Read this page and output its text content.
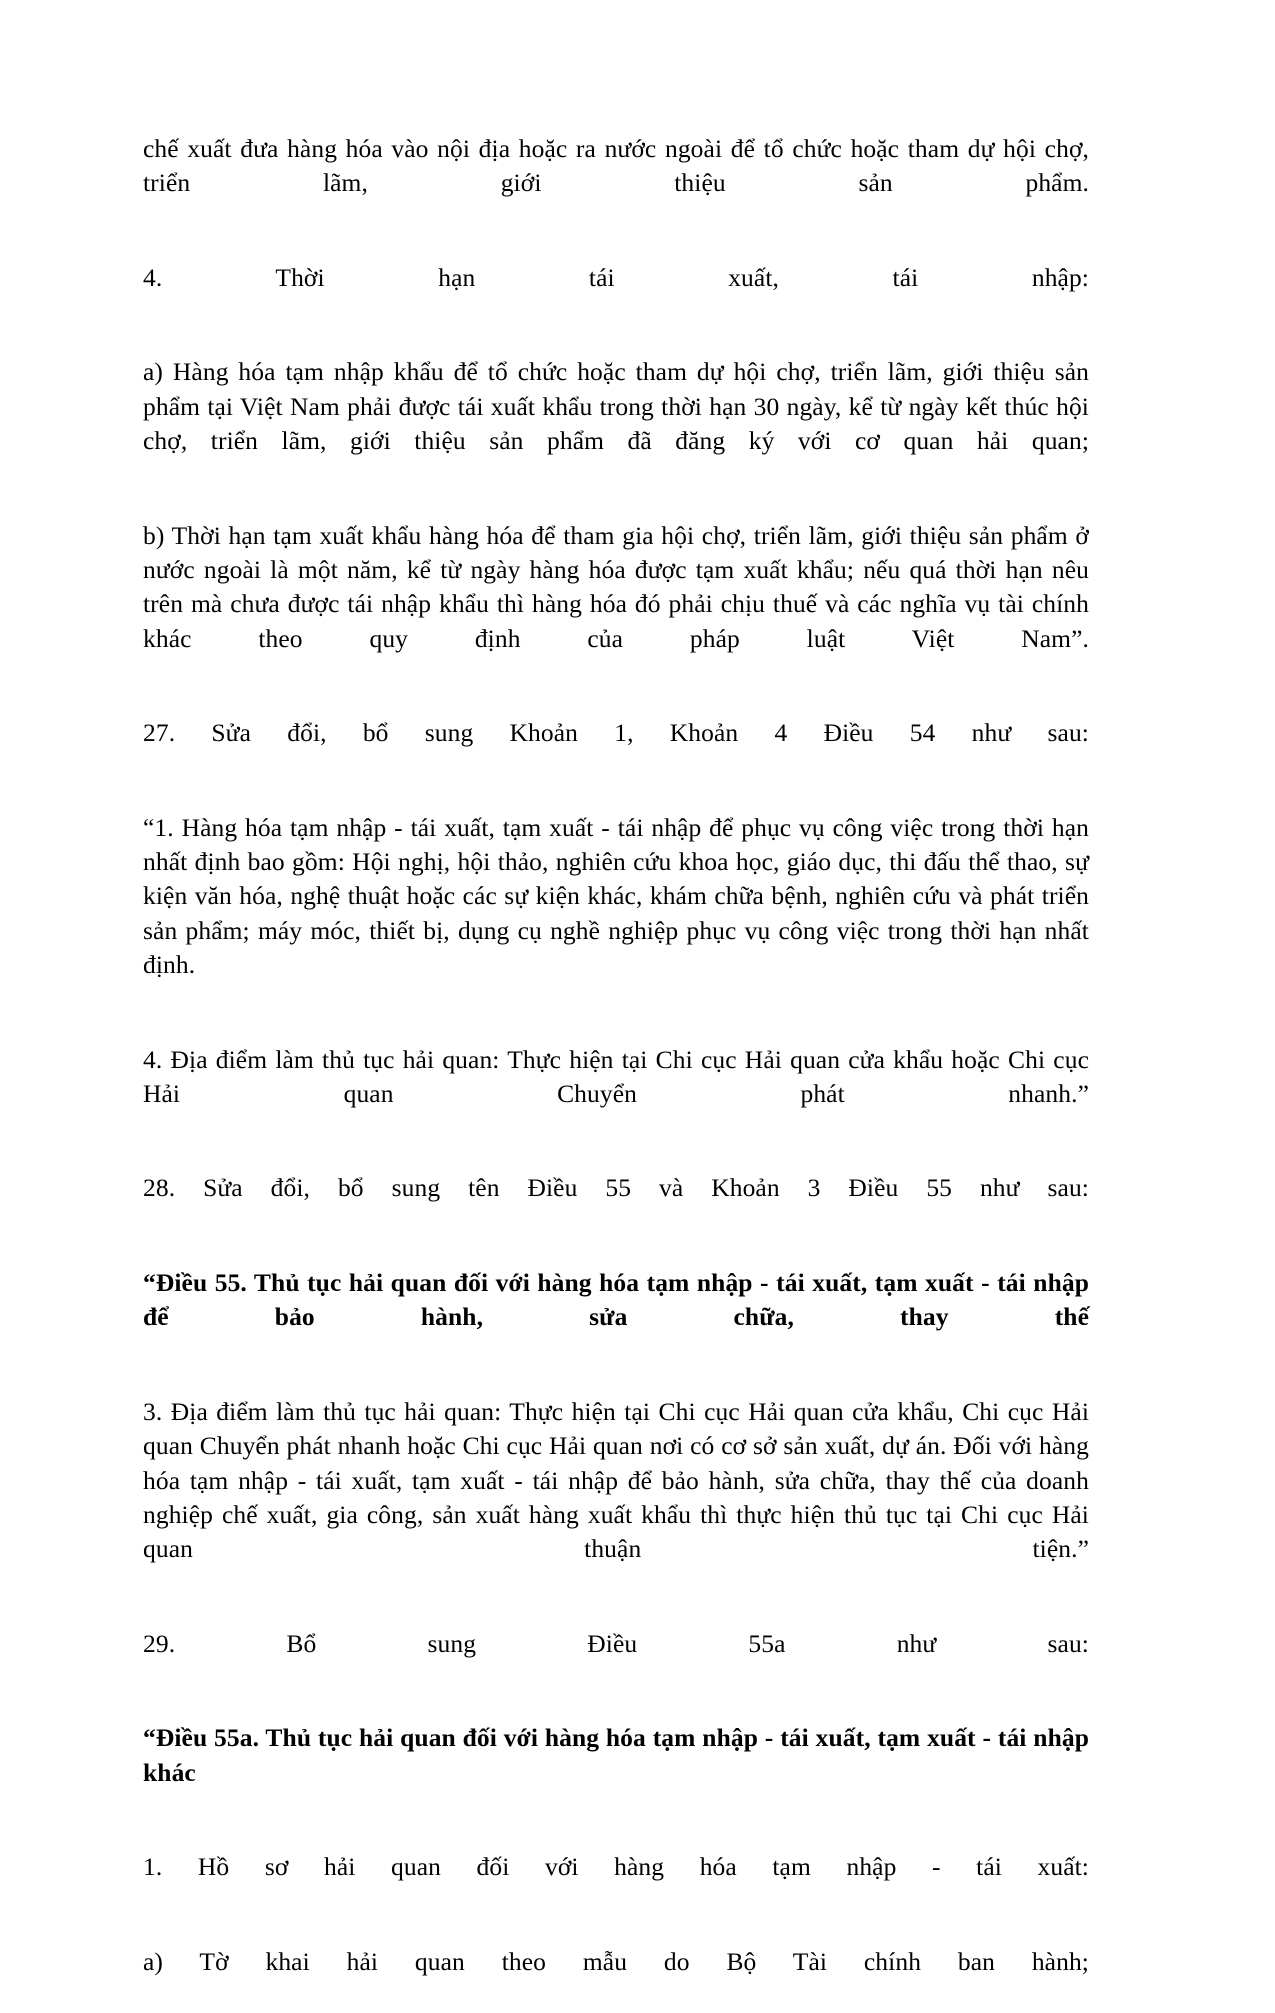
chế xuất đưa hàng hóa vào nội địa hoặc ra nước ngoài để tổ chức hoặc tham dự hội chợ, triển lãm, giới thiệu sản phẩm.

4. Thời hạn tái xuất, tái nhập:

a) Hàng hóa tạm nhập khẩu để tổ chức hoặc tham dự hội chợ, triển lãm, giới thiệu sản phẩm tại Việt Nam phải được tái xuất khẩu trong thời hạn 30 ngày, kể từ ngày kết thúc hội chợ, triển lãm, giới thiệu sản phẩm đã đăng ký với cơ quan hải quan;

b) Thời hạn tạm xuất khẩu hàng hóa để tham gia hội chợ, triển lãm, giới thiệu sản phẩm ở nước ngoài là một năm, kể từ ngày hàng hóa được tạm xuất khẩu; nếu quá thời hạn nêu trên mà chưa được tái nhập khẩu thì hàng hóa đó phải chịu thuế và các nghĩa vụ tài chính khác theo quy định của pháp luật Việt Nam”.

27. Sửa đổi, bổ sung Khoản 1, Khoản 4 Điều 54 như sau:

“1. Hàng hóa tạm nhập - tái xuất, tạm xuất - tái nhập để phục vụ công việc trong thời hạn nhất định bao gồm: Hội nghị, hội thảo, nghiên cứu khoa học, giáo dục, thi đấu thể thao, sự kiện văn hóa, nghệ thuật hoặc các sự kiện khác, khám chữa bệnh, nghiên cứu và phát triển sản phẩm; máy móc, thiết bị, dụng cụ nghề nghiệp phục vụ công việc trong thời hạn nhất định.

4. Địa điểm làm thủ tục hải quan: Thực hiện tại Chi cục Hải quan cửa khẩu hoặc Chi cục Hải quan Chuyển phát nhanh.”

28. Sửa đổi, bổ sung tên Điều 55 và Khoản 3 Điều 55 như sau:

“Điều 55. Thủ tục hải quan đối với hàng hóa tạm nhập - tái xuất, tạm xuất - tái nhập để bảo hành, sửa chữa, thay thế

3. Địa điểm làm thủ tục hải quan: Thực hiện tại Chi cục Hải quan cửa khẩu, Chi cục Hải quan Chuyển phát nhanh hoặc Chi cục Hải quan nơi có cơ sở sản xuất, dự án. Đối với hàng hóa tạm nhập - tái xuất, tạm xuất - tái nhập để bảo hành, sửa chữa, thay thế của doanh nghiệp chế xuất, gia công, sản xuất hàng xuất khẩu thì thực hiện thủ tục tại Chi cục Hải quan thuận tiện.”

29. Bổ sung Điều 55a như sau:

“Điều 55a. Thủ tục hải quan đối với hàng hóa tạm nhập - tái xuất, tạm xuất - tái nhập khác

1. Hồ sơ hải quan đối với hàng hóa tạm nhập - tái xuất:

a) Tờ khai hải quan theo mẫu do Bộ Tài chính ban hành;
